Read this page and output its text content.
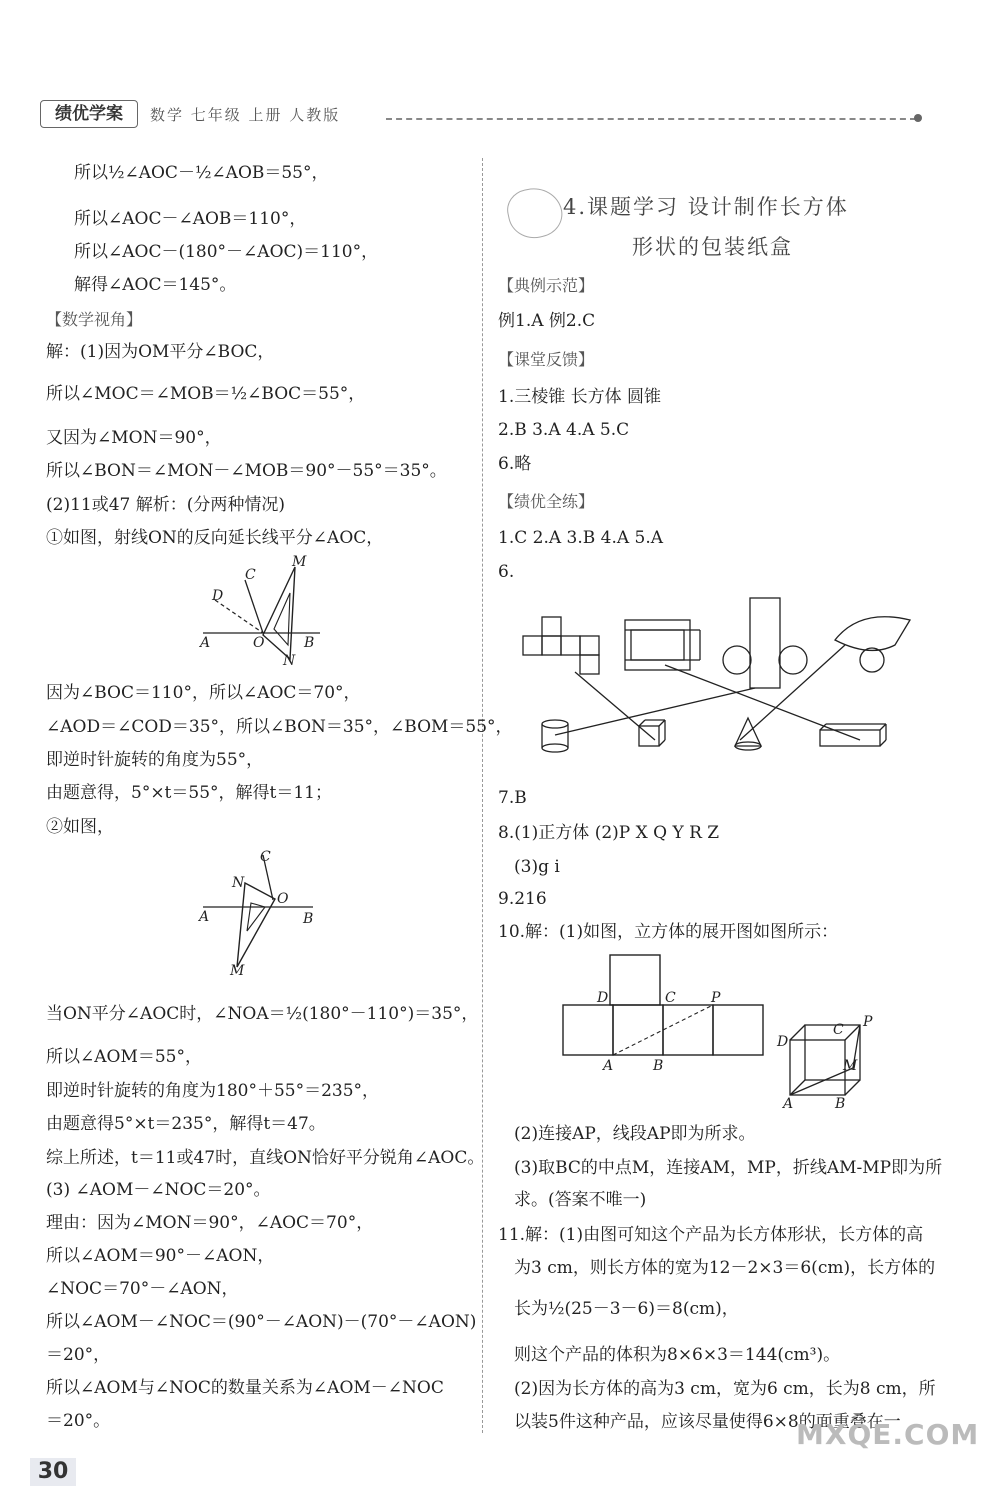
绩优学案	数学 七年级 上册 人教版
所以½∠AOC－½∠AOB＝55°，
所以∠AOC－∠AOB＝110°，
所以∠AOC－(180°－∠AOC)＝110°，
解得∠AOC＝145°。
【数学视角】
解：(1)因为OM平分∠BOC，
所以∠MOC＝∠MOB＝½∠BOC＝55°，
又因为∠MON＝90°，
所以∠BON＝∠MON－∠MOB＝90°－55°＝35°。
(2)11或47 解析：(分两种情况)
①如图，射线ON的反向延长线平分∠AOC，
C
M
D
A	O	B
N
因为∠BOC＝110°，所以∠AOC＝70°，
∠AOD＝∠COD＝35°，所以∠BON＝35°，∠BOM＝55°，
即逆时针旋转的角度为55°，
由题意得，5°×t＝55°，解得t＝11；
②如图，
C
N
O
A	B
M
当ON平分∠AOC时，∠NOA＝½(180°－110°)＝35°，
所以∠AOM＝55°，
即逆时针旋转的角度为180°＋55°＝235°，
由题意得5°×t＝235°，解得t＝47。
综上所述，t＝11或47时，直线ON恰好平分锐角∠AOC。
(3) ∠AOM－∠NOC＝20°。
理由：因为∠MON＝90°，∠AOC＝70°，
所以∠AOM＝90°－∠AON，
∠NOC＝70°－∠AON，
所以∠AOM－∠NOC＝(90°－∠AON)－(70°－∠AON)
＝20°，
所以∠AOM与∠NOC的数量关系为∠AOM－∠NOC
＝20°。
4.课题学习 设计制作长方体
形状的包装纸盒
【典例示范】
例1.A 例2.C
【课堂反馈】
1.三棱锥 长方体 圆锥
2.B 3.A 4.A 5.C
6.略
【绩优全练】
1.C 2.A 3.B 4.A 5.A
6.
7.B
8.(1)正方体 (2)P X Q Y R Z
(3)g i
9.216
10.解：(1)如图，立方体的展开图如图所示：
D	C	P
A	B
D
C P
M
A	B
(2)连接AP，线段AP即为所求。
(3)取BC的中点M，连接AM，MP，折线AM-MP即为所
求。(答案不唯一)
11.解：(1)由图可知这个产品为长方体形状，长方体的高
为3 cm，则长方体的宽为12－2×3＝6(cm)，长方体的
长为½(25－3－6)＝8(cm)，
则这个产品的体积为8×6×3＝144(cm³)。
(2)因为长方体的高为3 cm，宽为6 cm，长为8 cm，所
以装5件这种产品，应该尽量使得6×8的面重叠在一
30
MXQE.COM
